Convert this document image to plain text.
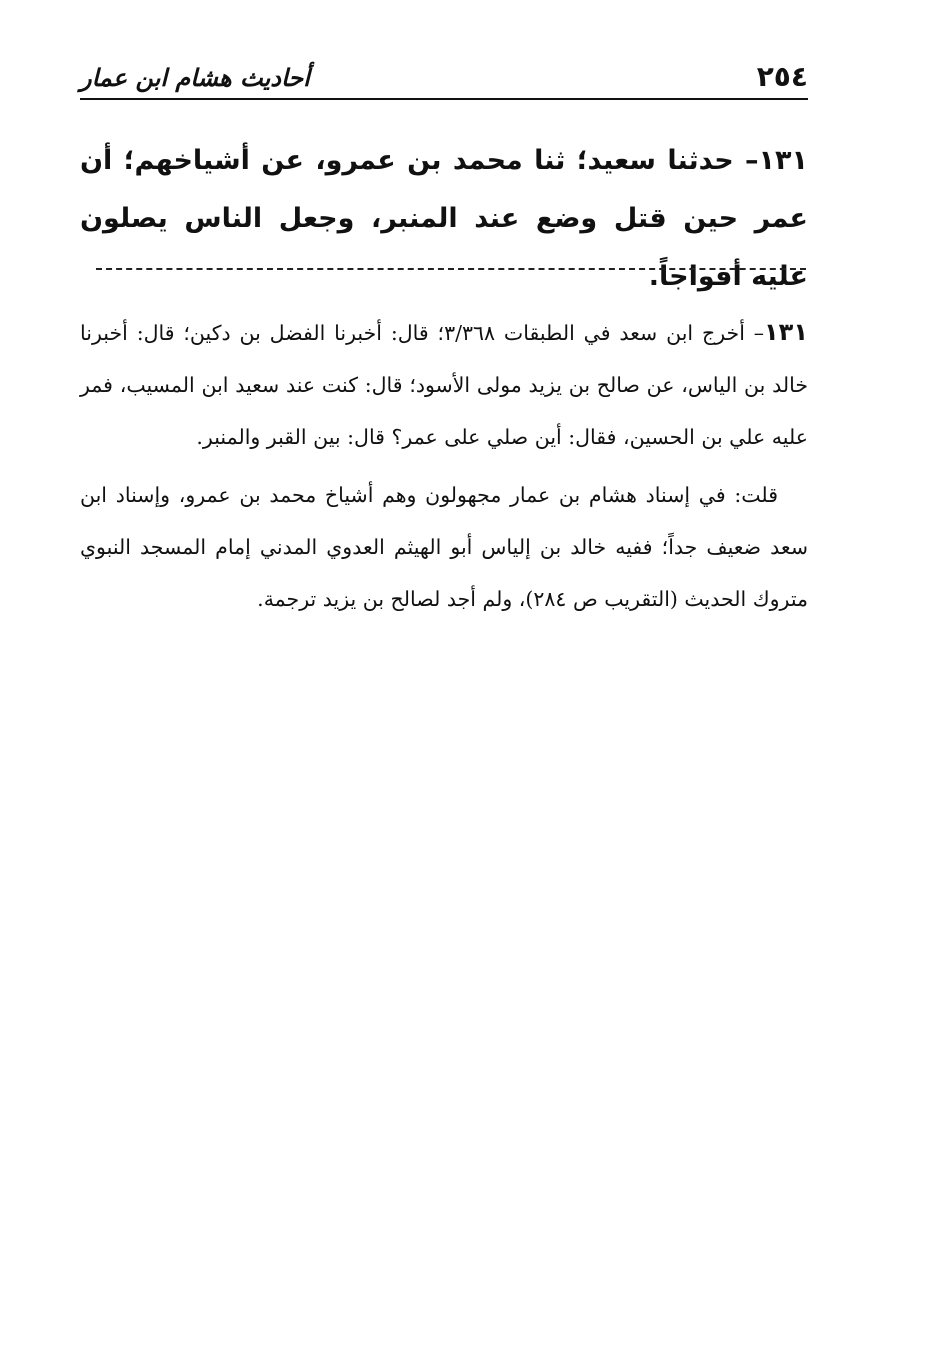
٢٥٤
أحاديث هشام ابن عمار
١٣١– حدثنا سعيد؛ ثنا محمد بن عمرو، عن أشياخهم؛ أن عمر حين قتل وضع عند المنبر، وجعل الناس يصلون عليه أفواجاً.

١٣١– أخرج ابن سعد في الطبقات ٣/٣٦٨؛ قال: أخبرنا الفضل بن دكين؛ قال: أخبرنا خالد بن الياس، عن صالح بن يزيد مولى الأسود؛ قال: كنت عند سعيد ابن المسيب، فمر عليه علي بن الحسين، فقال: أين صلي على عمر؟ قال: بين القبر والمنبر.

قلت: في إسناد هشام بن عمار مجهولون وهم أشياخ محمد بن عمرو، وإسناد ابن سعد ضعيف جداً؛ ففيه خالد بن إلياس أبو الهيثم العدوي المدني إمام المسجد النبوي متروك الحديث (التقريب ص ٢٨٤)، ولم أجد لصالح بن يزيد ترجمة.
